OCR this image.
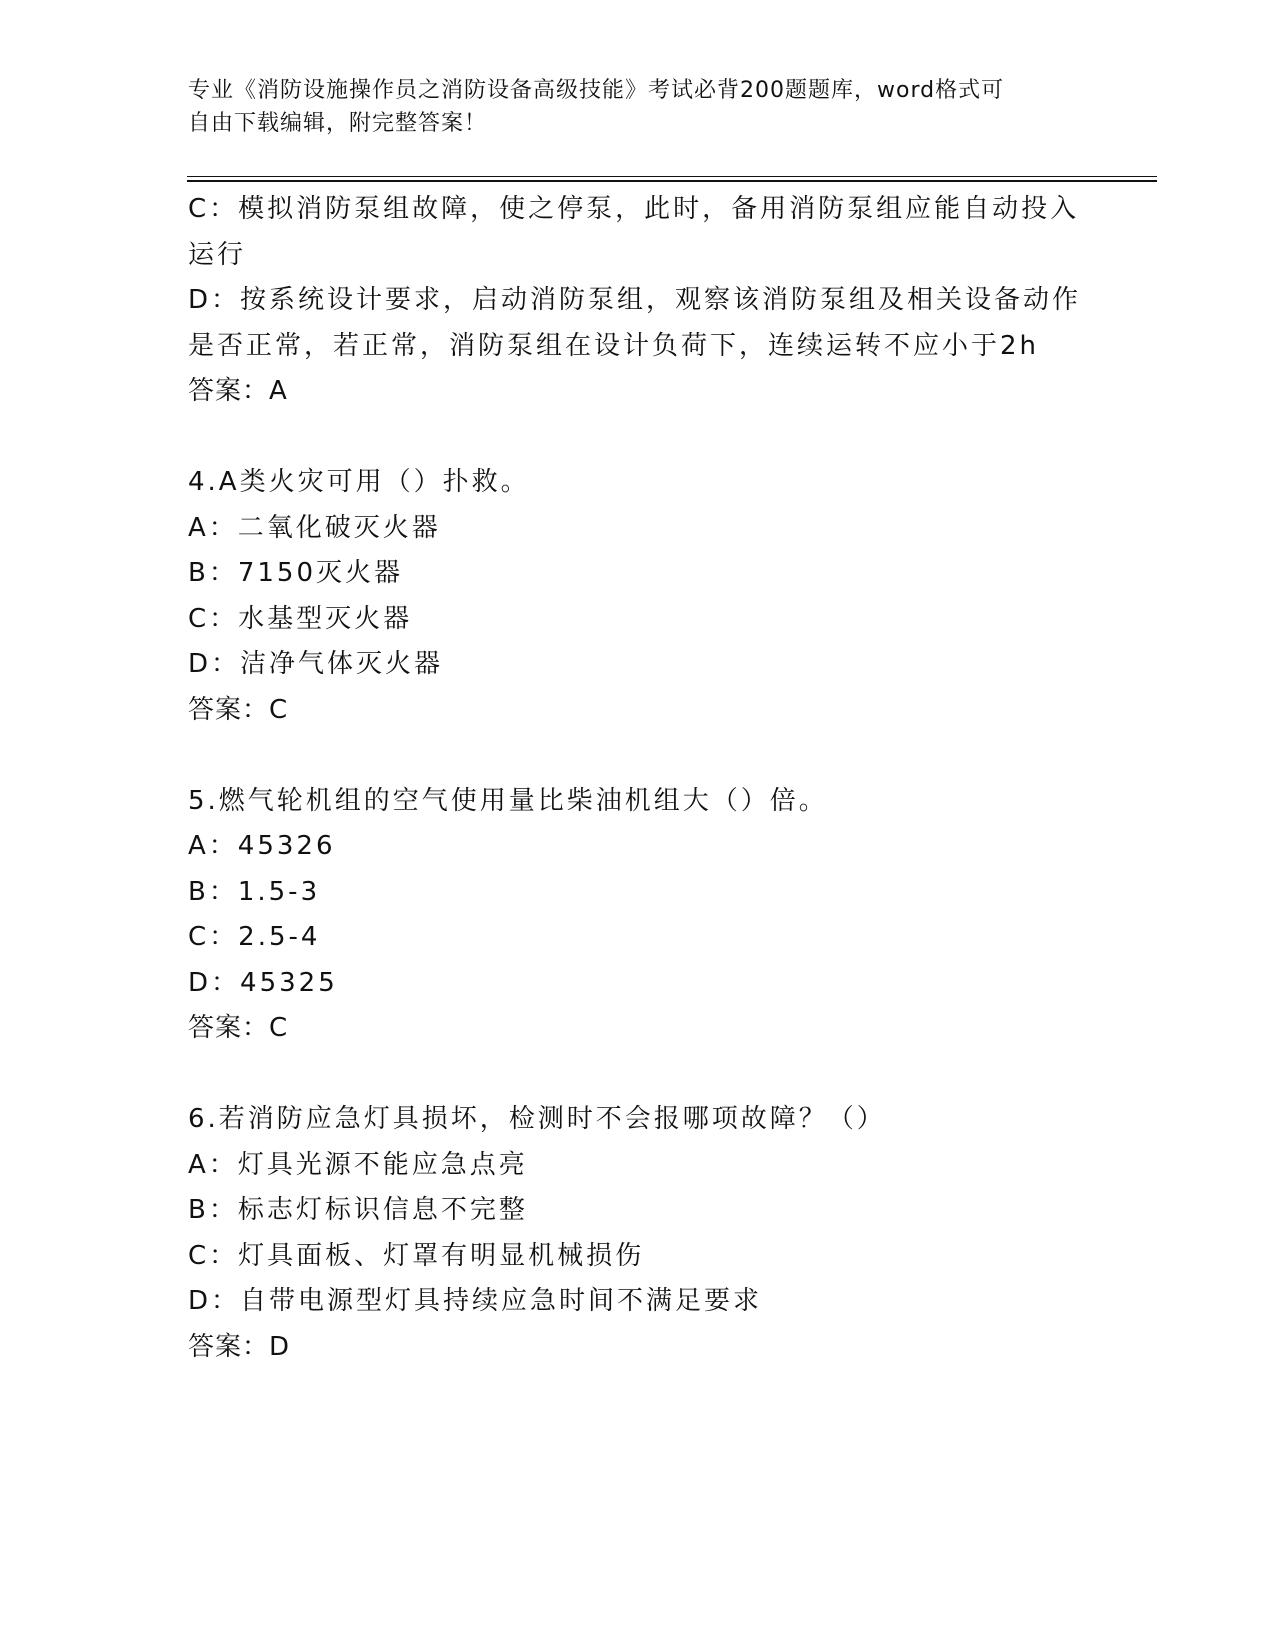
专业《消防设施操作员之消防设备高级技能》考试必背200题题库，word格式可
自由下载编辑，附完整答案！
C：模拟消防泵组故障，使之停泵，此时，备用消防泵组应能自动投入
运行
D：按系统设计要求，启动消防泵组，观察该消防泵组及相关设备动作
是否正常，若正常，消防泵组在设计负荷下，连续运转不应小于2h
答案：A
4.A类火灾可用（）扑救。
A：二氧化破灭火器
B：7150灭火器
C：水基型灭火器
D：洁净气体灭火器
答案：C
5.燃气轮机组的空气使用量比柴油机组大（）倍。
A：45326
B：1.5-3
C：2.5-4
D：45325
答案：C
6.若消防应急灯具损坏，检测时不会报哪项故障？（）
A：灯具光源不能应急点亮
B：标志灯标识信息不完整
C：灯具面板、灯罩有明显机械损伤
D：自带电源型灯具持续应急时间不满足要求
答案：D
